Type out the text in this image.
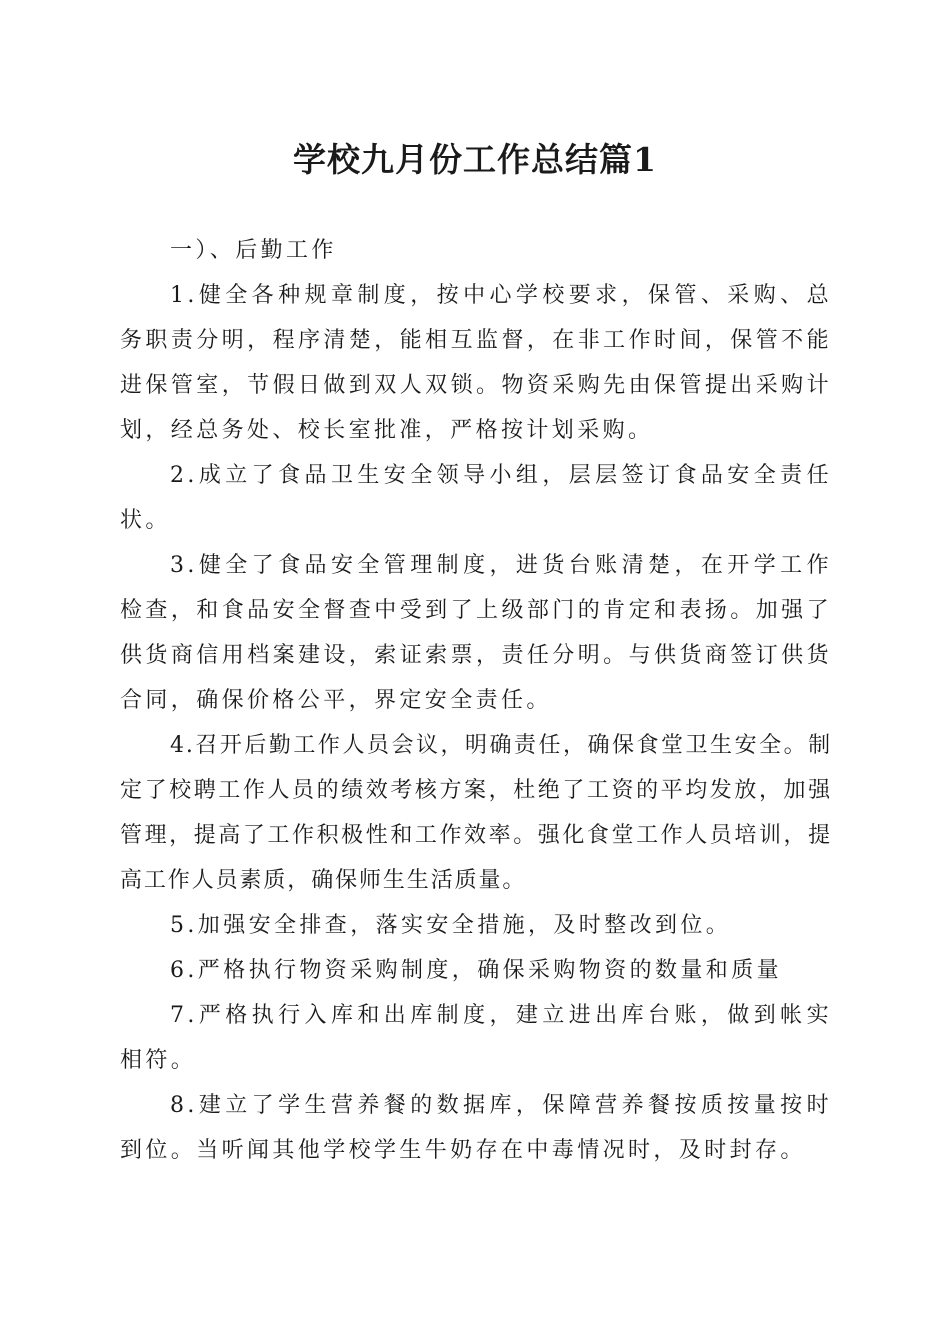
学校九月份工作总结篇1

一）、后勤工作

1.健全各种规章制度，按中心学校要求，保管、采购、总务职责分明，程序清楚，能相互监督，在非工作时间，保管不能进保管室，节假日做到双人双锁。物资采购先由保管提出采购计划，经总务处、校长室批准，严格按计划采购。

2.成立了食品卫生安全领导小组，层层签订食品安全责任状。

3.健全了食品安全管理制度，进货台账清楚，在开学工作检查，和食品安全督查中受到了上级部门的肯定和表扬。加强了供货商信用档案建设，索证索票，责任分明。与供货商签订供货合同，确保价格公平，界定安全责任。

4.召开后勤工作人员会议，明确责任，确保食堂卫生安全。制定了校聘工作人员的绩效考核方案，杜绝了工资的平均发放，加强管理，提高了工作积极性和工作效率。强化食堂工作人员培训，提高工作人员素质，确保师生生活质量。

5.加强安全排查，落实安全措施，及时整改到位。

6.严格执行物资采购制度，确保采购物资的数量和质量

7.严格执行入库和出库制度，建立进出库台账，做到帐实相符。

8.建立了学生营养餐的数据库，保障营养餐按质按量按时到位。当听闻其他学校学生牛奶存在中毒情况时，及时封存。
